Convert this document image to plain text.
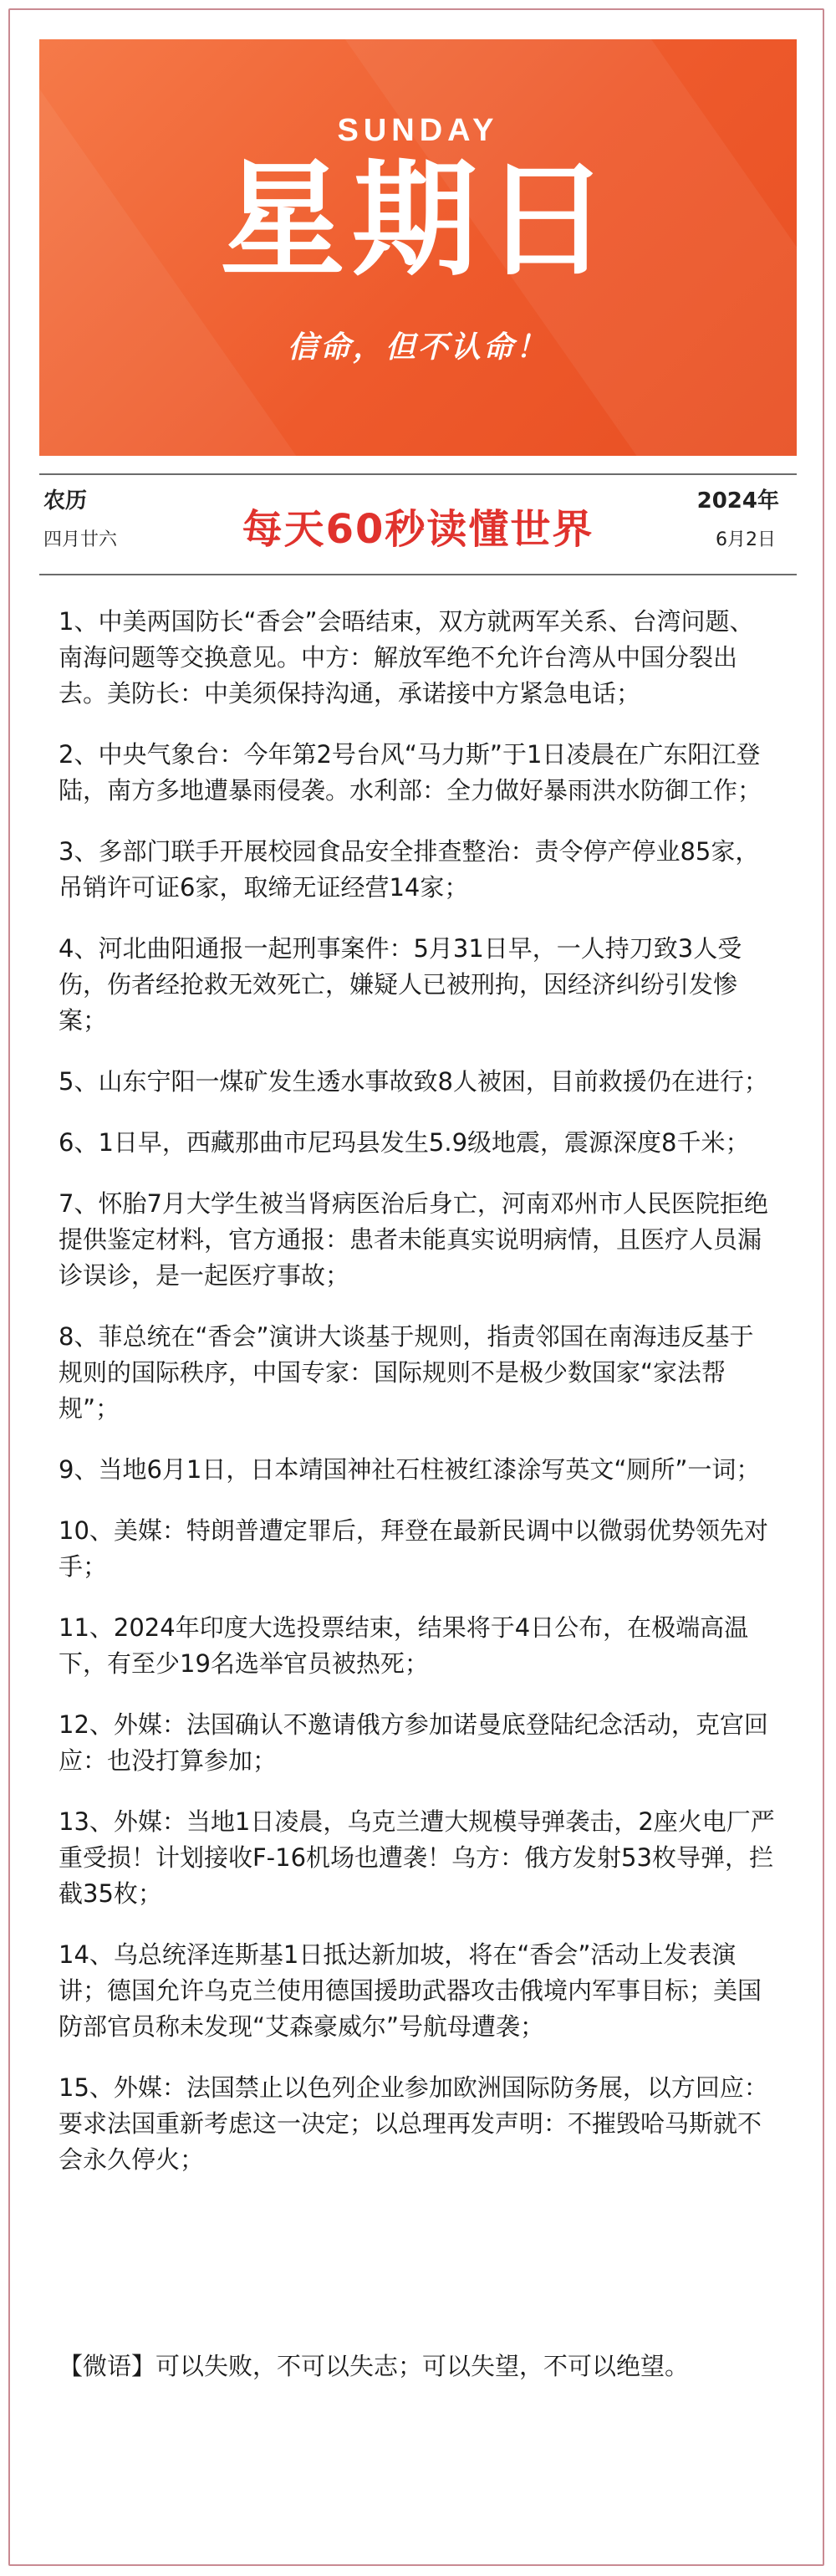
SUNDAY
星期日
信命，但不认命！
农历
四月廿六	每天60秒读懂世界
2024年
6月2日

1、中美两国防长“香会”会晤结束，双方就两军关系、台湾问题、南海问题等交换意见。中方：解放军绝不允许台湾从中国分裂出去。美防长：中美须保持沟通，承诺接中方紧急电话；

2、中央气象台：今年第2号台风“马力斯”于1日凌晨在广东阳江登陆，南方多地遭暴雨侵袭。水利部：全力做好暴雨洪水防御工作；

3、多部门联手开展校园食品安全排查整治：责令停产停业85家，吊销许可证6家，取缔无证经营14家；

4、河北曲阳通报一起刑事案件：5月31日早，一人持刀致3人受伤，伤者经抢救无效死亡，嫌疑人已被刑拘，因经济纠纷引发惨案；

5、山东宁阳一煤矿发生透水事故致8人被困，目前救援仍在进行；

6、1日早，西藏那曲市尼玛县发生5.9级地震，震源深度8千米；

7、怀胎7月大学生被当肾病医治后身亡，河南邓州市人民医院拒绝提供鉴定材料，官方通报：患者未能真实说明病情，且医疗人员漏诊误诊，是一起医疗事故；

8、菲总统在“香会”演讲大谈基于规则，指责邻国在南海违反基于规则的国际秩序，中国专家：国际规则不是极少数国家“家法帮规”；

9、当地6月1日，日本靖国神社石柱被红漆涂写英文“厕所”一词；

10、美媒：特朗普遭定罪后，拜登在最新民调中以微弱优势领先对手；

11、2024年印度大选投票结束，结果将于4日公布，在极端高温下，有至少19名选举官员被热死；

12、外媒：法国确认不邀请俄方参加诺曼底登陆纪念活动，克宫回应：也没打算参加；

13、外媒：当地1日凌晨，乌克兰遭大规模导弹袭击，2座火电厂严重受损！计划接收F-16机场也遭袭！乌方：俄方发射53枚导弹，拦截35枚；

14、乌总统泽连斯基1日抵达新加坡，将在“香会”活动上发表演讲；德国允许乌克兰使用德国援助武器攻击俄境内军事目标；美国防部官员称未发现“艾森豪威尔”号航母遭袭；

15、外媒：法国禁止以色列企业参加欧洲国际防务展，以方回应：要求法国重新考虑这一决定；以总理再发声明：不摧毁哈马斯就不会永久停火；

【微语】可以失败，不可以失志；可以失望，不可以绝望。
